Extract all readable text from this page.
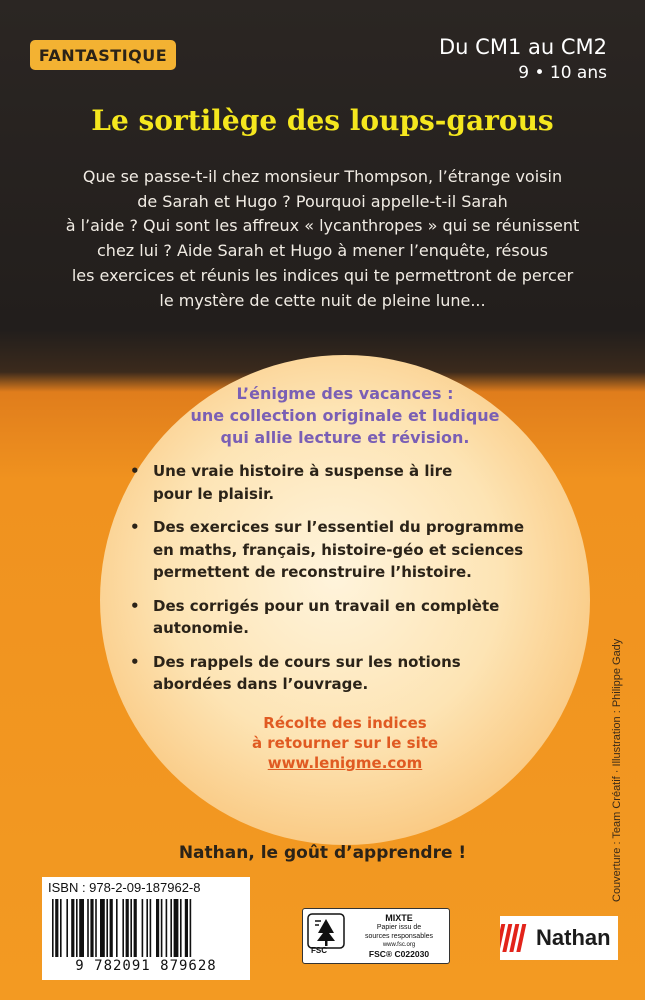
FANTASTIQUE	Du CM1 au CM2
9 • 10 ans
Le sortilège des loups-garous
Que se passe-t-il chez monsieur Thompson, l’étrange voisin
de Sarah et Hugo ? Pourquoi appelle-t-il Sarah
à l’aide ? Qui sont les affreux « lycanthropes » qui se réunissent
chez lui ? Aide Sarah et Hugo à mener l’enquête, résous
les exercices et réunis les indices qui te permettront de percer
le mystère de cette nuit de pleine lune...
L’énigme des vacances :
une collection originale et ludique
qui allie lecture et révision.
• Une vraie histoire à suspense à lire
pour le plaisir.
• Des exercices sur l’essentiel du programme
en maths, français, histoire-géo et sciences
permettent de reconstruire l’histoire.
• Des corrigés pour un travail en complète
autonomie.
• Des rappels de cours sur les notions
abordées dans l’ouvrage.
Récolte des indices
à retourner sur le site
www.lenigme.com
Nathan, le goût d’apprendre !	Couverture : Team Créatif · Illustration : Philippe Gady
ISBN : 978-2-09-187962-8
9 782091 879628
FSC
MIXTE
Papier issu de
sources responsables
www.fsc.org
FSC® C022030
Nathan
